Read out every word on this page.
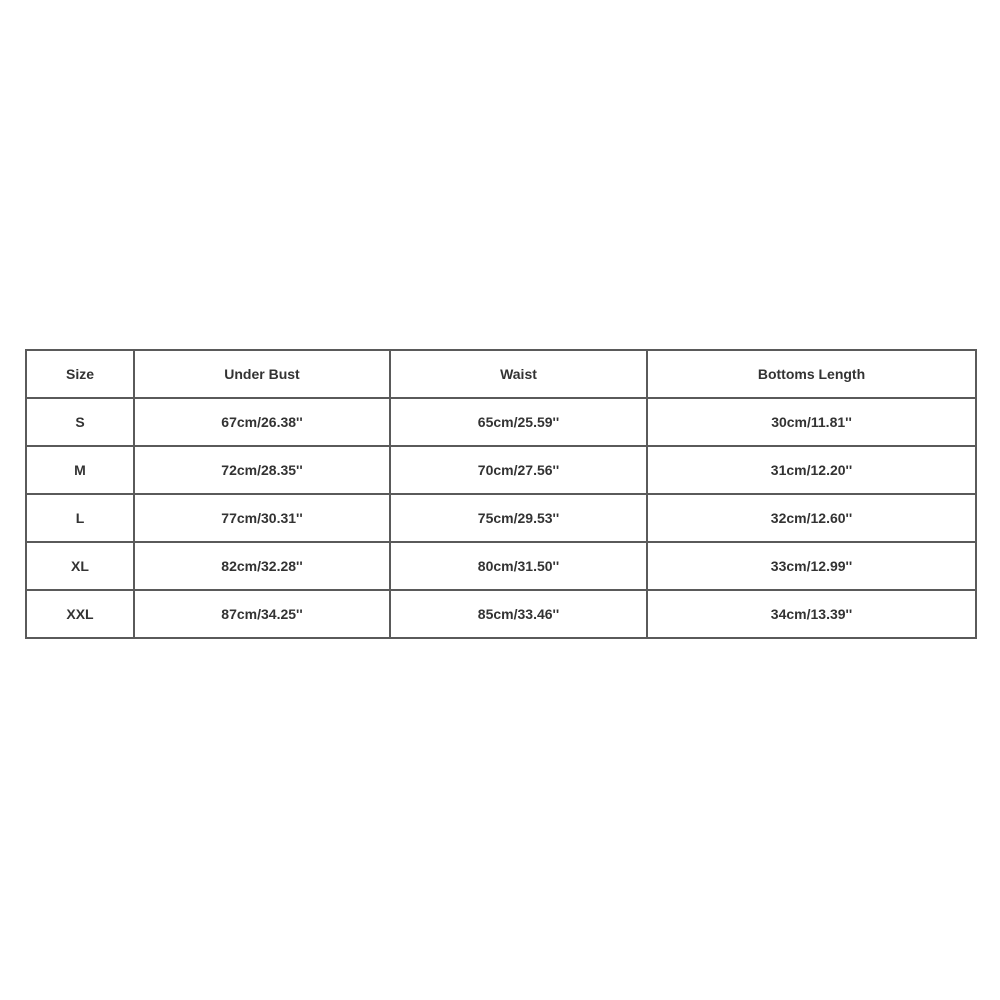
Size	Under Bust	Waist	Bottoms Length
S	67cm/26.38''	65cm/25.59''	30cm/11.81''
M	72cm/28.35''	70cm/27.56''	31cm/12.20''
L	77cm/30.31''	75cm/29.53''	32cm/12.60''
XL	82cm/32.28''	80cm/31.50''	33cm/12.99''
XXL	87cm/34.25''	85cm/33.46''	34cm/13.39''
